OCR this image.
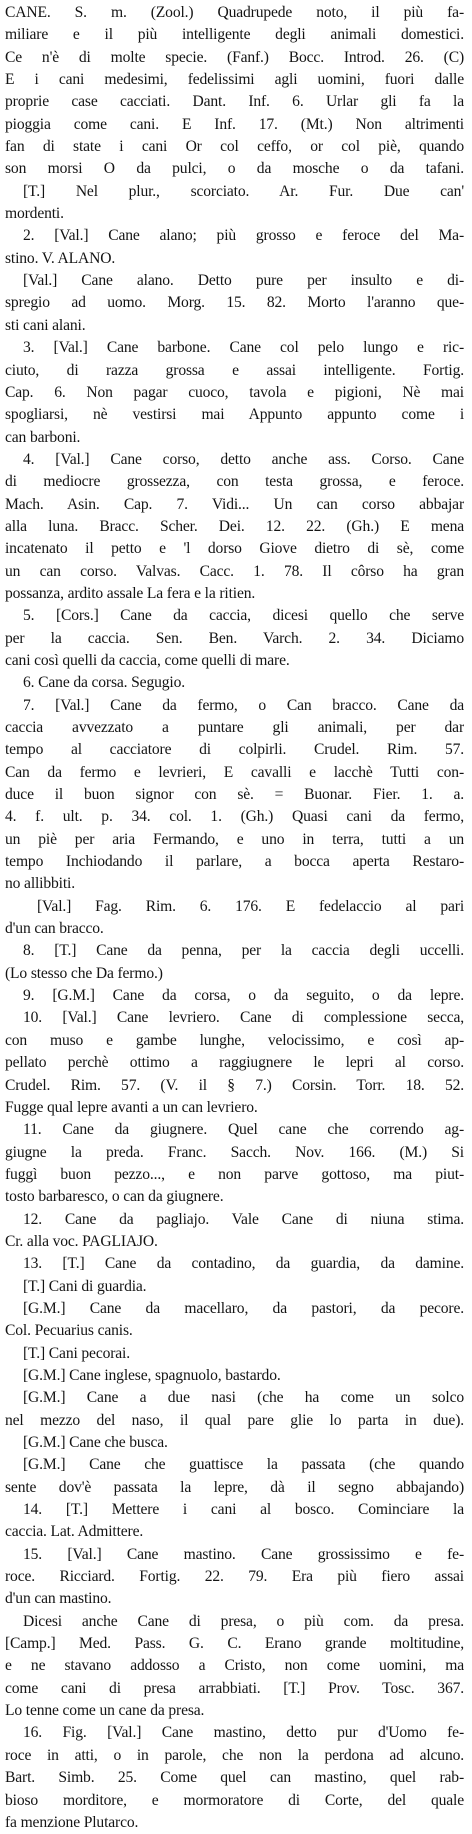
CANE. S. m. (Zool.) Quadrupede noto, il più fa-
miliare e il più intelligente degli animali domestici.
Ce n'è di molte specie. (Fanf.) Bocc. Introd. 26. (C)
E i cani medesimi, fedelissimi agli uomini, fuori dalle
proprie case cacciati. Dant. Inf. 6. Urlar gli fa la
pioggia come cani. E Inf. 17. (Mt.) Non altrimenti
fan di state i cani Or col ceffo, or col piè, quando
son morsi O da pulci, o da mosche o da tafani.
[T.] Nel plur., scorciato. Ar. Fur. Due can'
mordenti.
2. [Val.] Cane alano; più grosso e feroce del Ma-
stino. V. ALANO.
[Val.] Cane alano. Detto pure per insulto e di-
spregio ad uomo. Morg. 15. 82. Morto l'aranno que-
sti cani alani.
3. [Val.] Cane barbone. Cane col pelo lungo e ric-
ciuto, di razza grossa e assai intelligente. Fortig.
Cap. 6. Non pagar cuoco, tavola e pigioni, Nè mai
spogliarsi, nè vestirsi mai Appunto appunto come i
can barboni.
4. [Val.] Cane corso, detto anche ass. Corso. Cane
di mediocre grossezza, con testa grossa, e feroce.
Mach. Asin. Cap. 7. Vidi... Un can corso abbajar
alla luna. Bracc. Scher. Dei. 12. 22. (Gh.) E mena
incatenato il petto e 'l dorso Giove dietro di sè, come
un can corso. Valvas. Cacc. 1. 78. Il côrso ha gran
possanza, ardito assale La fera e la ritien.
5. [Cors.] Cane da caccia, dicesi quello che serve
per la caccia. Sen. Ben. Varch. 2. 34. Diciamo
cani così quelli da caccia, come quelli di mare.
6. Cane da corsa. Segugio.
7. [Val.] Cane da fermo, o Can bracco. Cane da
caccia avvezzato a puntare gli animali, per dar
tempo al cacciatore di colpirli. Crudel. Rim. 57.
Can da fermo e levrieri, E cavalli e lacchè Tutti con-
duce il buon signor con sè. = Buonar. Fier. 1. a.
4. f. ult. p. 34. col. 1. (Gh.) Quasi cani da fermo,
un piè per aria Fermando, e uno in terra, tutti a un
tempo Inchiodando il parlare, a bocca aperta Restaro-
no allibbiti.
[Val.] Fag. Rim. 6. 176. E fedelaccio al pari
d'un can bracco.
8. [T.] Cane da penna, per la caccia degli uccelli.
(Lo stesso che Da fermo.)
9. [G.M.] Cane da corsa, o da seguito, o da lepre.
10. [Val.] Cane levriero. Cane di complessione secca,
con muso e gambe lunghe, velocissimo, e così ap-
pellato perchè ottimo a raggiugnere le lepri al corso.
Crudel. Rim. 57. (V. il § 7.) Corsin. Torr. 18. 52.
Fugge qual lepre avanti a un can levriero.
11. Cane da giugnere. Quel cane che correndo ag-
giugne la preda. Franc. Sacch. Nov. 166. (M.) Si
fuggì buon pezzo..., e non parve gottoso, ma piut-
tosto barbaresco, o can da giugnere.
12. Cane da pagliajo. Vale Cane di niuna stima.
Cr. alla voc. PAGLIAJO.
13. [T.] Cane da contadino, da guardia, da damine.
[T.] Cani di guardia.
[G.M.] Cane da macellaro, da pastori, da pecore.
Col. Pecuarius canis.
[T.] Cani pecorai.
[G.M.] Cane inglese, spagnuolo, bastardo.
[G.M.] Cane a due nasi (che ha come un solco
nel mezzo del naso, il qual pare glie lo parta in due).
[G.M.] Cane che busca.
[G.M.] Cane che guattisce la passata (che quando
sente dov'è passata la lepre, dà il segno abbajando)
14. [T.] Mettere i cani al bosco. Cominciare la
caccia. Lat. Admittere.
15. [Val.] Cane mastino. Cane grossissimo e fe-
roce. Ricciard. Fortig. 22. 79. Era più fiero assai
d'un can mastino.
Dicesi anche Cane di presa, o più com. da presa.
[Camp.] Med. Pass. G. C. Erano grande moltitudine,
e ne stavano addosso a Cristo, non come uomini, ma
come cani di presa arrabbiati. [T.] Prov. Tosc. 367.
Lo tenne come un cane da presa.
16. Fig. [Val.] Cane mastino, detto pur d'Uomo fe-
roce in atti, o in parole, che non la perdona ad alcuno.
Bart. Simb. 25. Come quel can mastino, quel rab-
bioso morditore, e mormoratore di Corte, del quale
fa menzione Plutarco.
